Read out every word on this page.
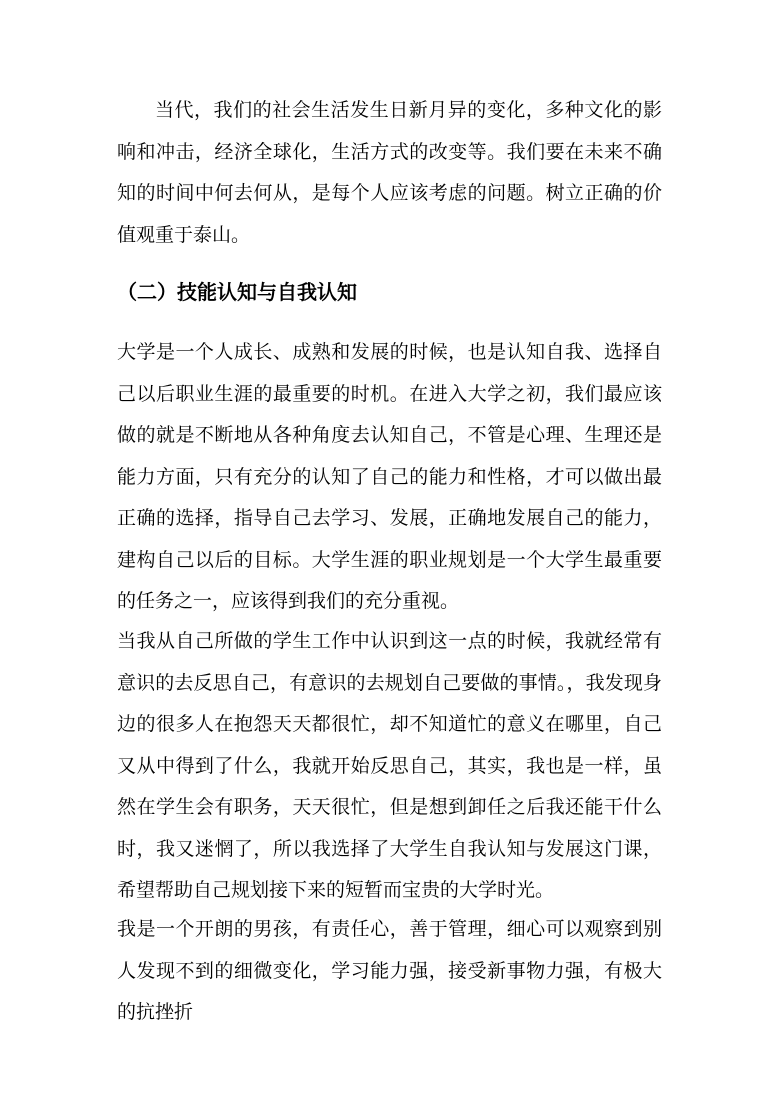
当代，我们的社会生活发生日新月异的变化，多种文化的影响和冲击，经济全球化，生活方式的改变等。我们要在未来不确知的时间中何去何从，是每个人应该考虑的问题。树立正确的价值观重于泰山。

（二）技能认知与自我认知

大学是一个人成长、成熟和发展的时候，也是认知自我、选择自己以后职业生涯的最重要的时机。在进入大学之初，我们最应该做的就是不断地从各种角度去认知自己，不管是心理、生理还是能力方面，只有充分的认知了自己的能力和性格，才可以做出最正确的选择，指导自己去学习、发展，正确地发展自己的能力，建构自己以后的目标。大学生涯的职业规划是一个大学生最重要的任务之一，应该得到我们的充分重视。

当我从自己所做的学生工作中认识到这一点的时候，我就经常有意识的去反思自己，有意识的去规划自己要做的事情。，我发现身边的很多人在抱怨天天都很忙，却不知道忙的意义在哪里，自己又从中得到了什么，我就开始反思自己，其实，我也是一样，虽然在学生会有职务，天天很忙，但是想到卸任之后我还能干什么时，我又迷惘了，所以我选择了大学生自我认知与发展这门课，希望帮助自己规划接下来的短暂而宝贵的大学时光。

我是一个开朗的男孩，有责任心，善于管理，细心可以观察到别人发现不到的细微变化，学习能力强，接受新事物力强，有极大的抗挫折
